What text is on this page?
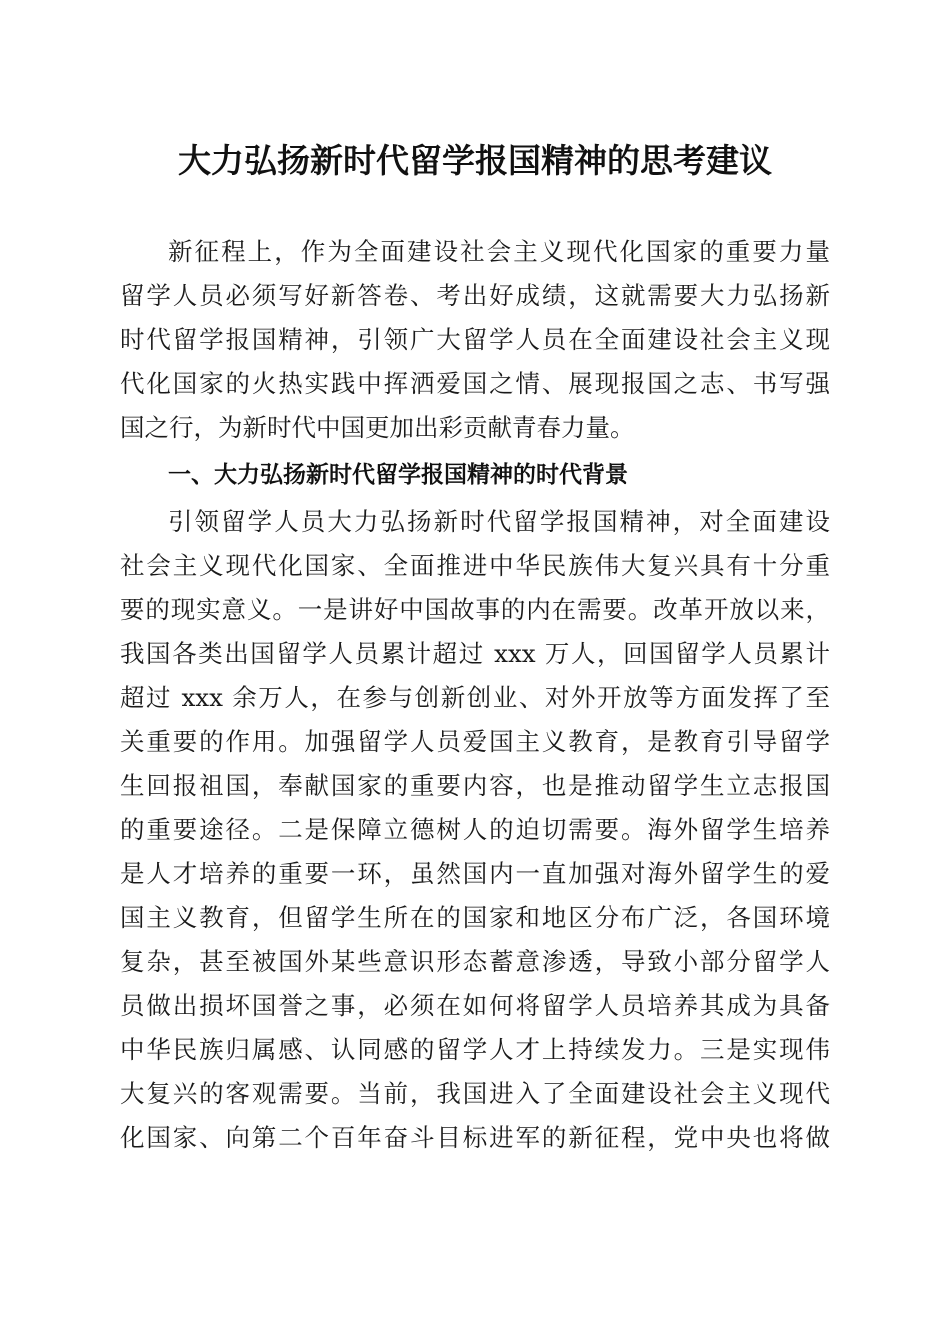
大力弘扬新时代留学报国精神的思考建议
新征程上，作为全面建设社会主义现代化国家的重要力量
留学人员必须写好新答卷、考出好成绩，这就需要大力弘扬新
时代留学报国精神，引领广大留学人员在全面建设社会主义现
代化国家的火热实践中挥洒爱国之情、展现报国之志、书写强
国之行，为新时代中国更加出彩贡献青春力量。
一、大力弘扬新时代留学报国精神的时代背景
引领留学人员大力弘扬新时代留学报国精神，对全面建设
社会主义现代化国家、全面推进中华民族伟大复兴具有十分重
要的现实意义。一是讲好中国故事的内在需要。改革开放以来，
我国各类出国留学人员累计超过 xxx 万人，回国留学人员累计
超过 xxx 余万人，在参与创新创业、对外开放等方面发挥了至
关重要的作用。加强留学人员爱国主义教育，是教育引导留学
生回报祖国，奉献国家的重要内容，也是推动留学生立志报国
的重要途径。二是保障立德树人的迫切需要。海外留学生培养
是人才培养的重要一环，虽然国内一直加强对海外留学生的爱
国主义教育，但留学生所在的国家和地区分布广泛，各国环境
复杂，甚至被国外某些意识形态蓄意渗透，导致小部分留学人
员做出损坏国誉之事，必须在如何将留学人员培养其成为具备
中华民族归属感、认同感的留学人才上持续发力。三是实现伟
大复兴的客观需要。当前，我国进入了全面建设社会主义现代
化国家、向第二个百年奋斗目标进军的新征程，党中央也将做
